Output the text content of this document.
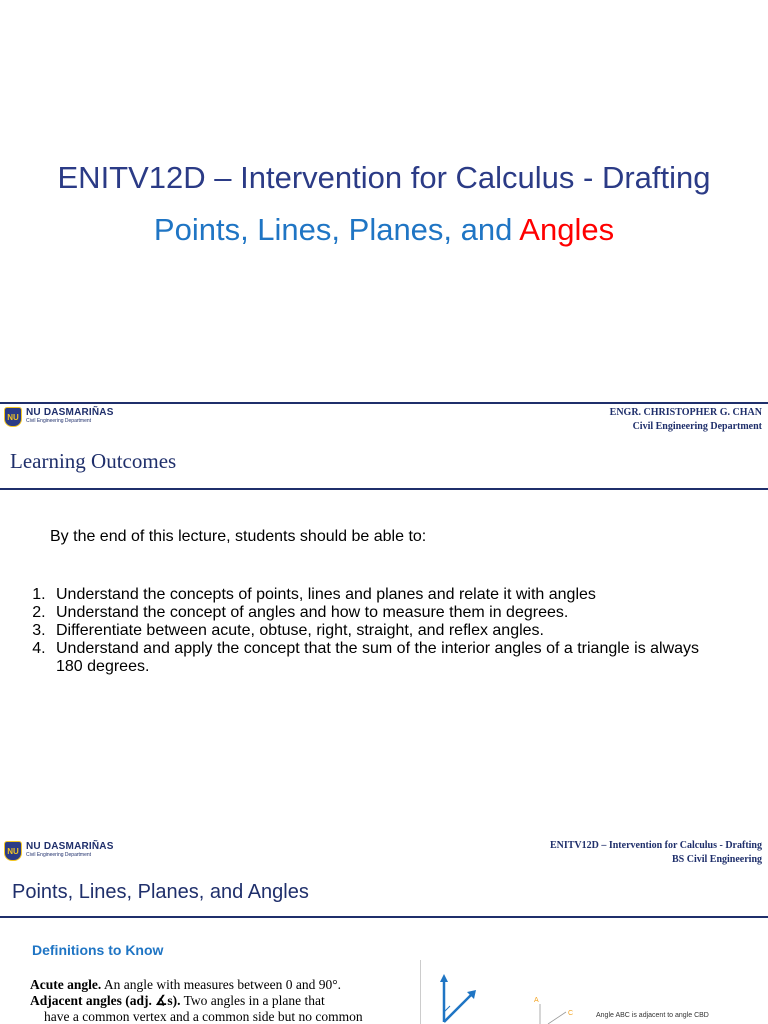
ENITV12D – Intervention for Calculus - Drafting
Points, Lines, Planes, and Angles
NU NU DASMARIÑAS
Civil Engineering Department
ENGR. CHRISTOPHER G. CHAN
Civil Engineering Department
Learning Outcomes
By the end of this lecture, students should be able to:
1. Understand the concepts of points, lines and planes and relate it with angles
2. Understand the concept of angles and how to measure them in degrees.
3. Differentiate between acute, obtuse, right, straight, and reflex angles.
4. Understand and apply the concept that the sum of the interior angles of a triangle is always 180 degrees.
NU NU DASMARIÑAS
Civil Engineering Department
ENITV12D – Intervention for Calculus - Drafting
BS Civil Engineering
Points, Lines, Planes, and Angles
Definitions to Know
Acute angle. An angle with measures between 0 and 90°.
Adjacent angles (adj. ∡s). Two angles in a plane that
have a common vertex and a common side but no common
A
C	Angle ABC is adjacent to angle CBD
